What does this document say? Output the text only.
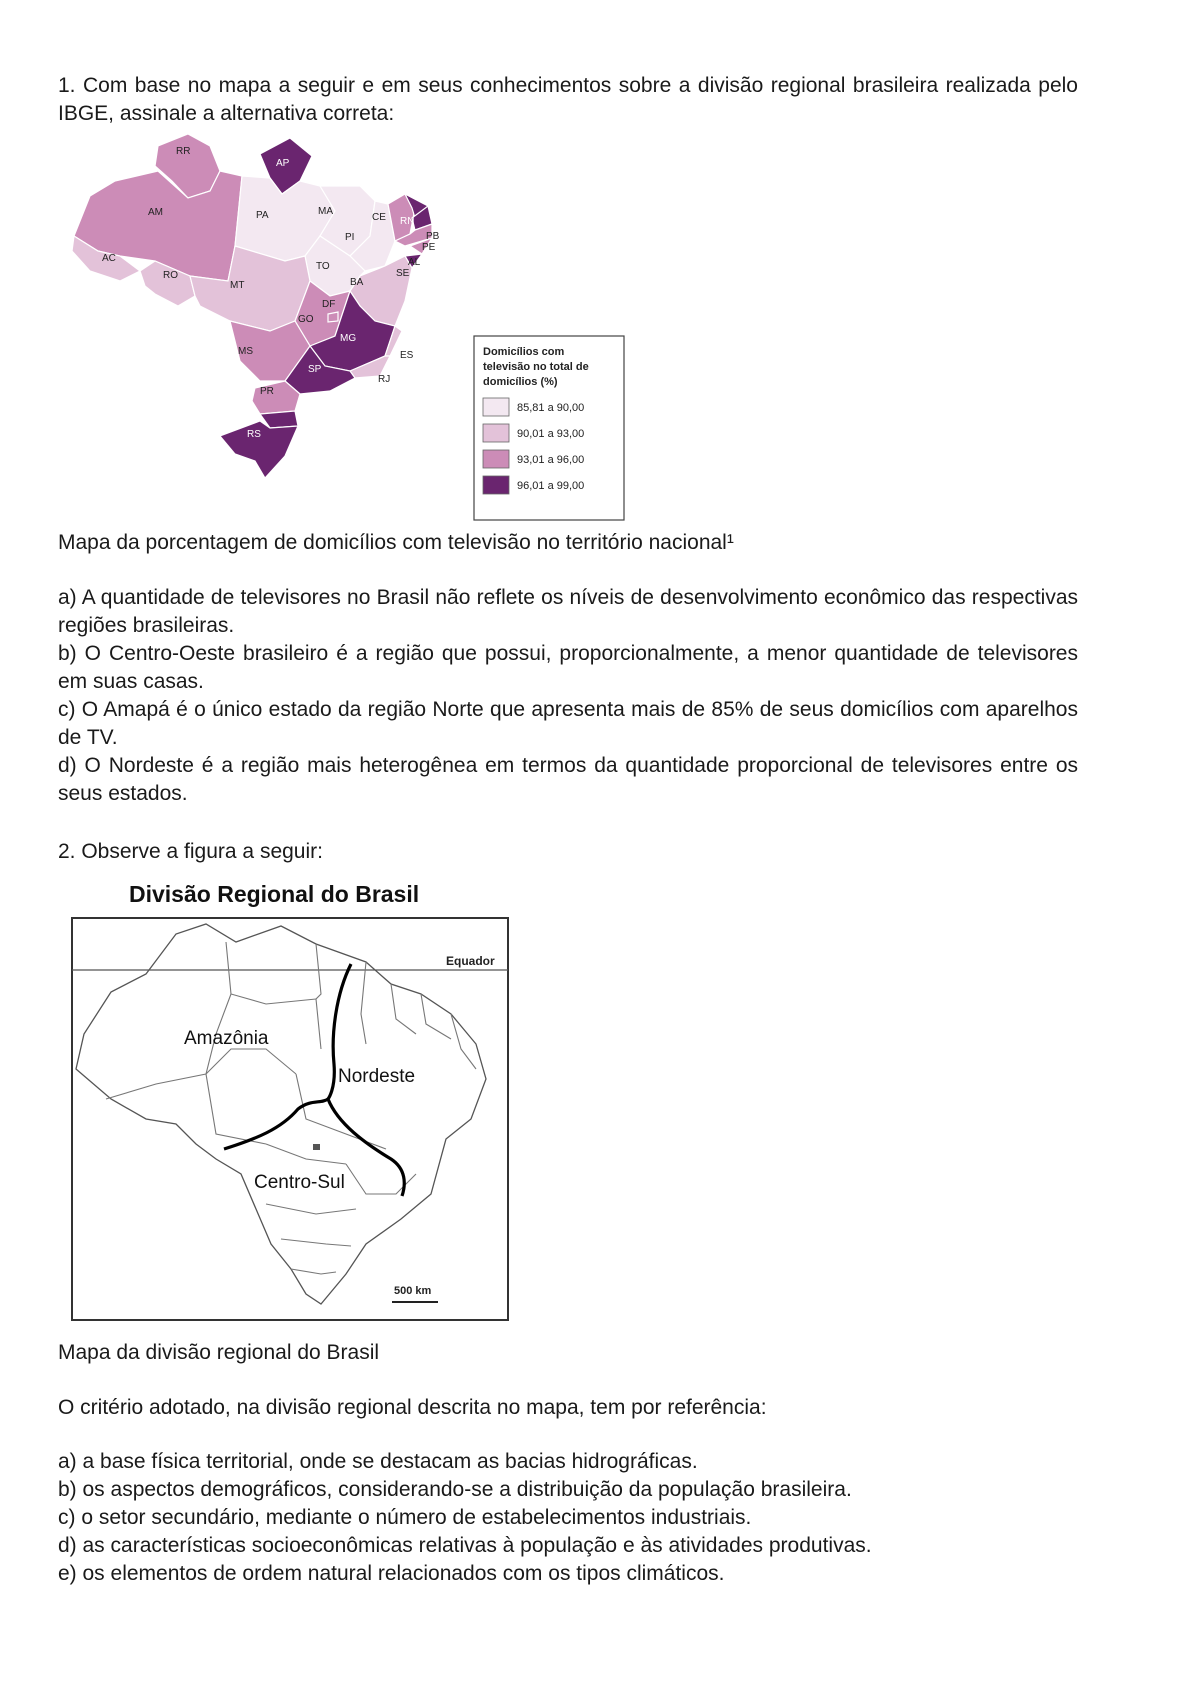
1. Com base no mapa a seguir e em seus conhecimentos sobre a divisão regional brasileira realizada pelo IBGE, assinale a alternativa correta:

RR
AP
AM	PA	MA
CE RN
PB
PE
PI
AL
SE
AC
RO
TO
BA
MT
DF
GO
MG
ES
MS
SP
RJ
PR
SC
RS
Domicílios com
televisão no total de
domicílios (%)
85,81 a 90,00
90,01 a 93,00
93,01 a 96,00
96,01 a 99,00

Mapa da porcentagem de domicílios com televisão no território nacional¹

a) A quantidade de televisores no Brasil não reflete os níveis de desenvolvimento econômico das respectivas regiões brasileiras.
b) O Centro-Oeste brasileiro é a região que possui, proporcionalmente, a menor quantidade de televisores em suas casas.
c) O Amapá é o único estado da região Norte que apresenta mais de 85% de seus domicílios com aparelhos de TV.
d) O Nordeste é a região mais heterogênea em termos da quantidade proporcional de televisores entre os seus estados.

2. Observe a figura a seguir:

Divisão Regional do Brasil
Equador
Amazônia
Nordeste
Centro-Sul
500 km

Mapa da divisão regional do Brasil

O critério adotado, na divisão regional descrita no mapa, tem por referência:

a) a base física territorial, onde se destacam as bacias hidrográficas.
b) os aspectos demográficos, considerando-se a distribuição da população brasileira.
c) o setor secundário, mediante o número de estabelecimentos industriais.
d) as características socioeconômicas relativas à população e às atividades produtivas.
e) os elementos de ordem natural relacionados com os tipos climáticos.
